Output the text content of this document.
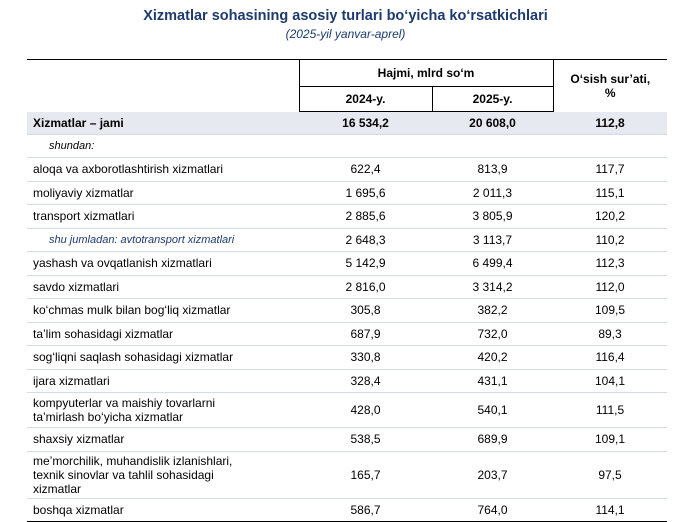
Xizmatlar sohasining asosiy turlari bo‘yicha ko‘rsatkichlari
(2025-yil yanvar-aprel)
	Hajmi, mlrd so‘m		O‘sish sur’ati,
%
	2024-y.	2025-y.	
Xizmatlar – jami	16 534,2	20 608,0	112,8
shundan:			
aloqa va axborotlashtirish xizmatlari	622,4	813,9	117,7
moliyaviy xizmatlar	1 695,6	2 011,3	115,1
transport xizmatlari	2 885,6	3 805,9	120,2
shu jumladan: avtotransport xizmatlari	2 648,3	3 113,7	110,2
yashash va ovqatlanish xizmatlari	5 142,9	6 499,4	112,3
savdo xizmatlari	2 816,0	3 314,2	112,0
ko‘chmas mulk bilan bog‘liq xizmatlar	305,8	382,2	109,5
ta’lim sohasidagi xizmatlar	687,9	732,0	89,3
sog‘liqni saqlash sohasidagi xizmatlar	330,8	420,2	116,4
ijara xizmatlari	328,4	431,1	104,1
kompyuterlar va maishiy tovarlarni
ta’mirlash bo‘yicha xizmatlar	428,0	540,1	111,5
shaxsiy xizmatlar	538,5	689,9	109,1
me’morchilik, muhandislik izlanishlari,
texnik sinovlar va tahlil sohasidagi
xizmatlar	165,7	203,7	97,5
boshqa xizmatlar	586,7	764,0	114,1
